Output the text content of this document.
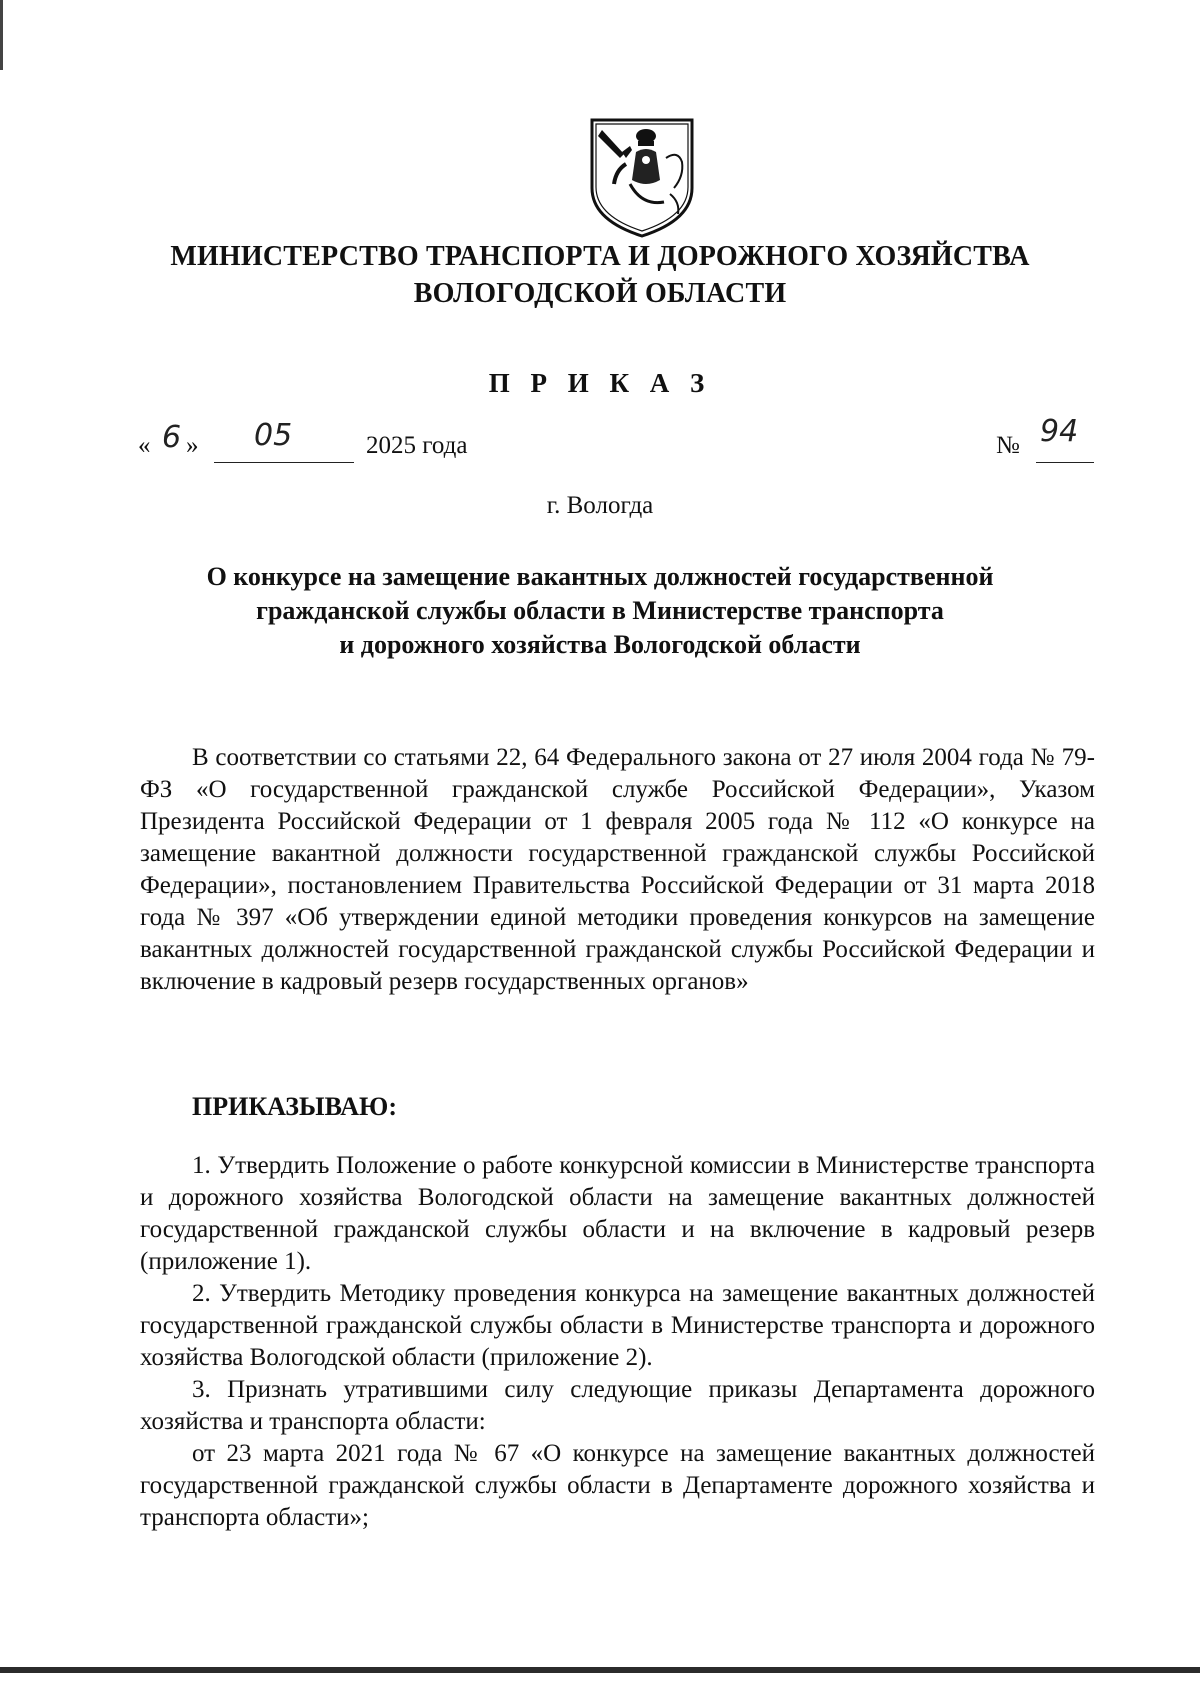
МИНИСТЕРСТВО ТРАНСПОРТА И ДОРОЖНОГО ХОЗЯЙСТВА
ВОЛОГОДСКОЙ ОБЛАСТИ
П Р И К А З
« 6 » 05	2025 года	№ 94
г. Вологда
О конкурсе на замещение вакантных должностей государственной
гражданской службы области в Министерстве транспорта
и дорожного хозяйства Вологодской области

В соответствии со статьями 22, 64 Федерального закона от 27 июля 2004 года № 79-ФЗ «О государственной гражданской службе Российской Федерации», Указом Президента Российской Федерации от 1 февраля 2005 года № 112 «О конкурсе на замещение вакантной должности государственной гражданской службы Российской Федерации», постановлением Правительства Российской Федерации от 31 марта 2018 года № 397 «Об утверждении единой методики проведения конкурсов на замещение вакантных должностей государственной гражданской службы Российской Федерации и включение в кадровый резерв государственных органов»

ПРИКАЗЫВАЮ:

1. Утвердить Положение о работе конкурсной комиссии в Министерстве транспорта и дорожного хозяйства Вологодской области на замещение вакантных должностей государственной гражданской службы области и на включение в кадровый резерв (приложение 1).

2. Утвердить Методику проведения конкурса на замещение вакантных должностей государственной гражданской службы области в Министерстве транспорта и дорожного хозяйства Вологодской области (приложение 2).

3. Признать утратившими силу следующие приказы Департамента дорожного хозяйства и транспорта области:

от 23 марта 2021 года № 67 «О конкурсе на замещение вакантных должностей государственной гражданской службы области в Департаменте дорожного хозяйства и транспорта области»;
